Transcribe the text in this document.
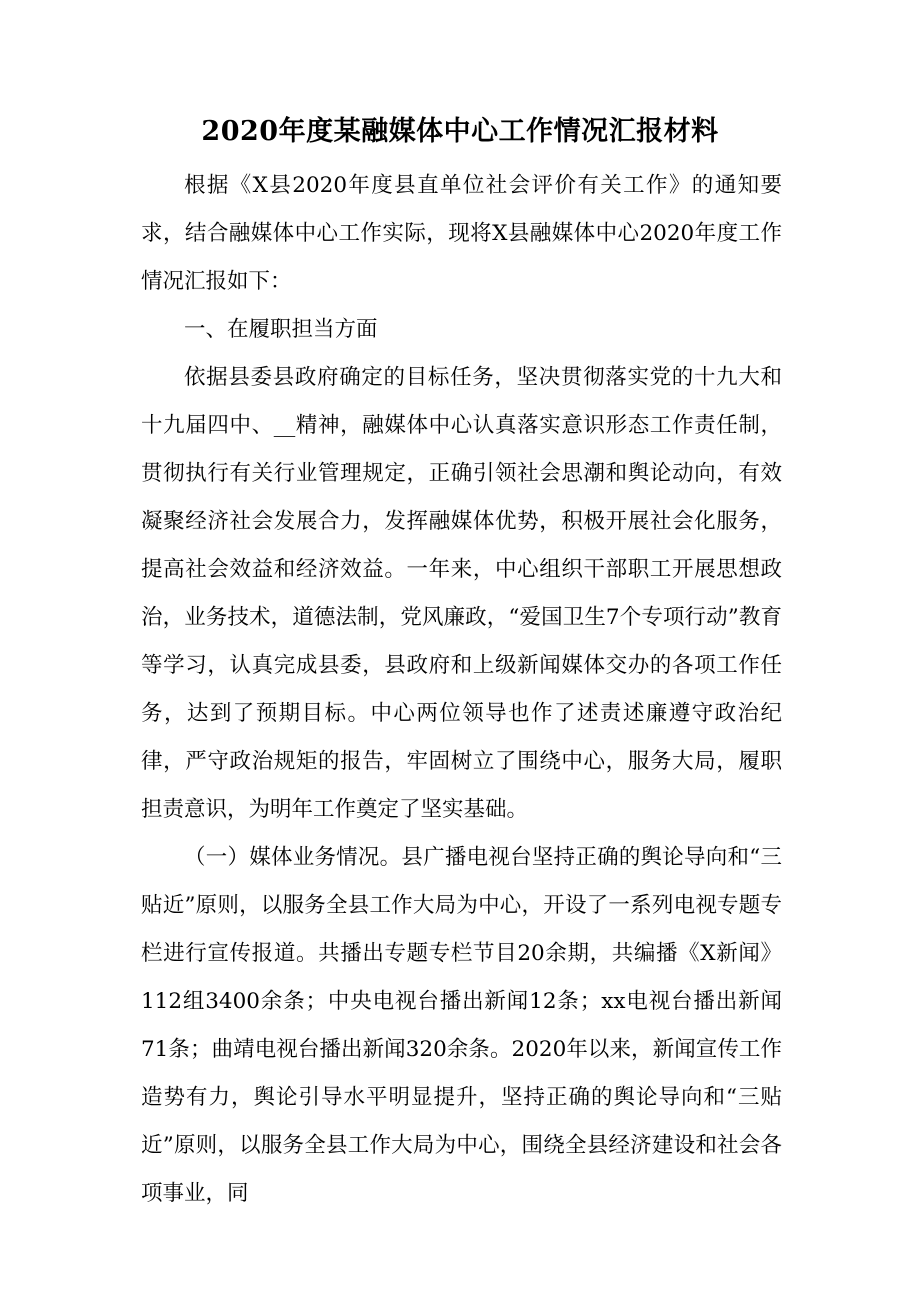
2020年度某融媒体中心工作情况汇报材料

根据《X县2020年度县直单位社会评价有关工作》的通知要求，结合融媒体中心工作实际，现将X县融媒体中心2020年度工作情况汇报如下：

一、在履职担当方面

依据县委县政府确定的目标任务，坚决贯彻落实党的十九大和十九届四中、__精神，融媒体中心认真落实意识形态工作责任制，贯彻执行有关行业管理规定，正确引领社会思潮和舆论动向，有效凝聚经济社会发展合力，发挥融媒体优势，积极开展社会化服务，提高社会效益和经济效益。一年来，中心组织干部职工开展思想政治，业务技术，道德法制，党风廉政，“爱国卫生7个专项行动”教育等学习，认真完成县委，县政府和上级新闻媒体交办的各项工作任务，达到了预期目标。中心两位领导也作了述责述廉遵守政治纪律，严守政治规矩的报告，牢固树立了围绕中心，服务大局，履职担责意识，为明年工作奠定了坚实基础。

（一）媒体业务情况。县广播电视台坚持正确的舆论导向和“三贴近”原则，以服务全县工作大局为中心，开设了一系列电视专题专栏进行宣传报道。共播出专题专栏节目20余期，共编播《X新闻》112组3400余条；中央电视台播出新闻12条；xx电视台播出新闻71条；曲靖电视台播出新闻320余条。2020年以来，新闻宣传工作造势有力，舆论引导水平明显提升，坚持正确的舆论导向和“三贴近”原则，以服务全县工作大局为中心，围绕全县经济建设和社会各项事业，同
